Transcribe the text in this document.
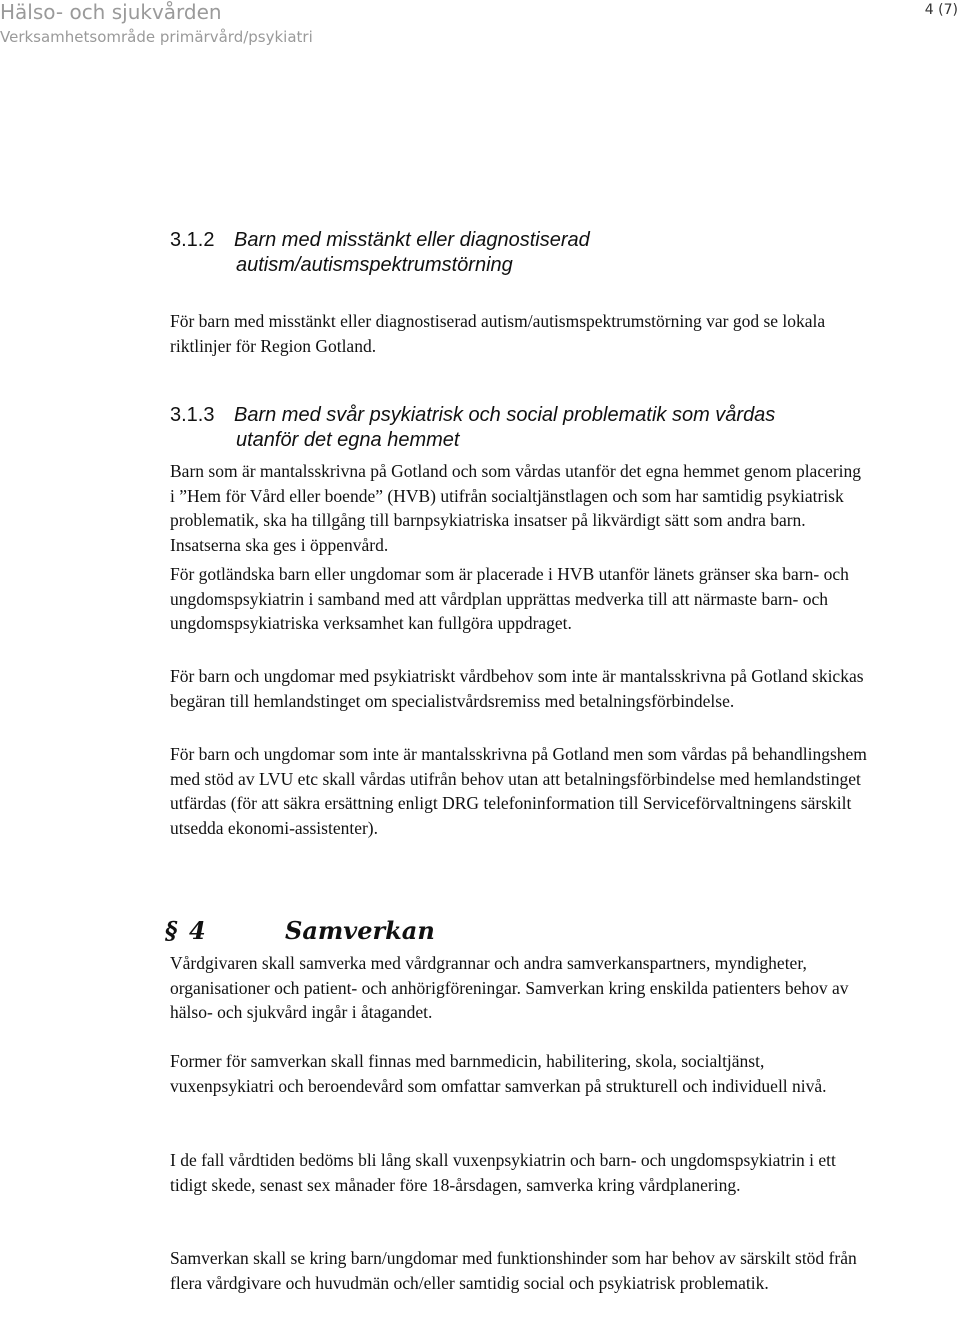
Hälso- och sjukvården
Verksamhetsområde primärvård/psykiatri
4 (7)
3.1.2 Barn med misstänkt eller diagnostiserad
autism/autismspektrumstörning

För barn med misstänkt eller diagnostiserad autism/autismspektrumstörning var god se lokala riktlinjer för Region Gotland.

3.1.3 Barn med svår psykiatrisk och social problematik som vårdas
utanför det egna hemmet

Barn som är mantalsskrivna på Gotland och som vårdas utanför det egna hemmet genom placering i ”Hem för Vård eller boende” (HVB) utifrån socialtjänstlagen och som har samtidig psykiatrisk problematik, ska ha tillgång till barnpsykiatriska insatser på likvärdigt sätt som andra barn. Insatserna ska ges i öppenvård.

För gotländska barn eller ungdomar som är placerade i HVB utanför länets gränser ska barn- och ungdomspsykiatrin i samband med att vårdplan upprättas medverka till att närmaste barn- och ungdomspsykiatriska verksamhet kan fullgöra uppdraget.

För barn och ungdomar med psykiatriskt vårdbehov som inte är mantalsskrivna på Gotland skickas begäran till hemlandstinget om specialistvårdsremiss med betalningsförbindelse.

För barn och ungdomar som inte är mantalsskrivna på Gotland men som vårdas på behandlingshem med stöd av LVU etc skall vårdas utifrån behov utan att betalningsförbindelse med hemlandstinget utfärdas (för att säkra ersättning enligt DRG telefoninformation till Serviceförvaltningens särskilt utsedda ekonomi-assistenter).

§ 4	Samverkan

Vårdgivaren skall samverka med vårdgrannar och andra samverkanspartners, myndigheter, organisationer och patient- och anhörigföreningar. Samverkan kring enskilda patienters behov av hälso- och sjukvård ingår i åtagandet.

Former för samverkan skall finnas med barnmedicin, habilitering, skola, socialtjänst, vuxenpsykiatri och beroendevård som omfattar samverkan på strukturell och individuell nivå.

I de fall vårdtiden bedöms bli lång skall vuxenpsykiatrin och barn- och ungdomspsykiatrin i ett tidigt skede, senast sex månader före 18-årsdagen, samverka kring vårdplanering.

Samverkan skall se kring barn/ungdomar med funktionshinder som har behov av särskilt stöd från flera vårdgivare och huvudmän och/eller samtidig social och psykiatrisk problematik.
